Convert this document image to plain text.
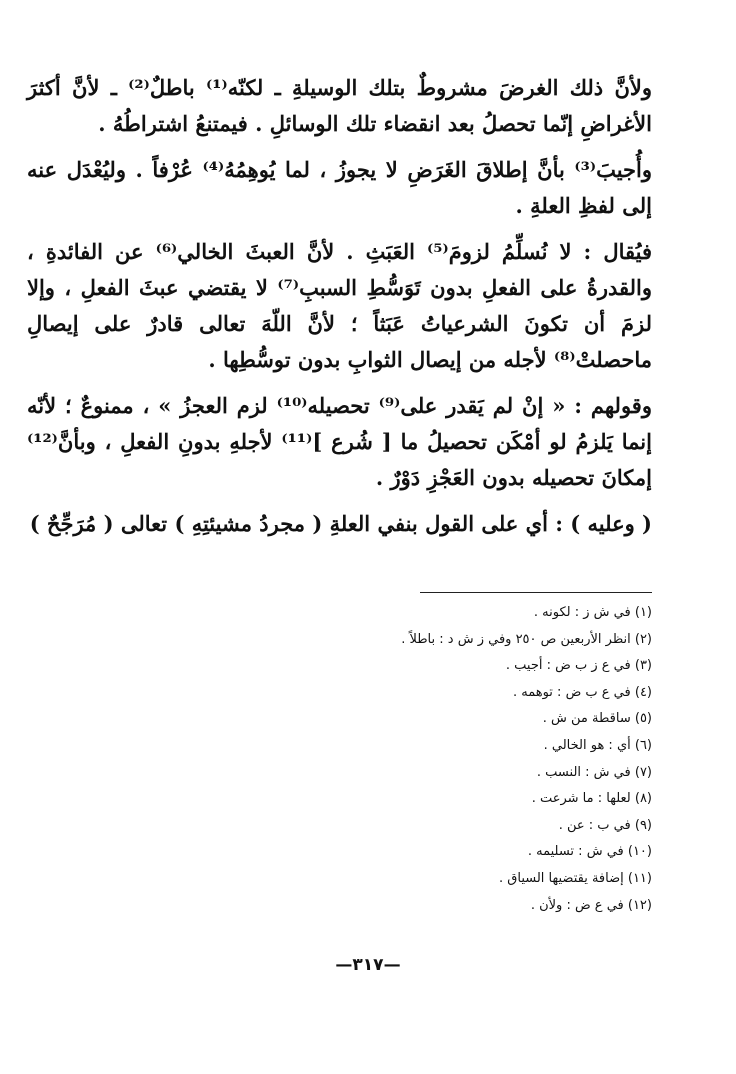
ولأنَّ ذلك الغرضَ مشروطٌ بتلك الوسيلةِ ـ لكنّه⁽¹⁾ باطلٌ⁽²⁾ ـ لأنَّ أكثرَ الأغراضِ إنّما تحصلُ بعد انقضاء تلك الوسائلِ . فيمتنعُ اشتراطُهُ .

وأُجيبَ⁽³⁾ بأنَّ إطلاقَ الغَرَضِ لا يجوزُ ، لما يُوهِمُهُ⁽⁴⁾ عُرْفاً . وليُعْدَل عنه إلى لفظِ العلةِ .

فيُقال : لا نُسلِّمُ لزومَ⁽⁵⁾ العَبَثِ . لأنَّ العبثَ الخالي⁽⁶⁾ عن الفائدةِ ، والقدرةُ على الفعلِ بدون تَوَسُّطِ السببِ⁽⁷⁾ لا يقتضي عبثَ الفعلِ ، وإلا لزمَ أن تكونَ الشرعياتُ عَبَثاً ؛ لأنَّ اللّهَ تعالى قادرٌ على إيصالِ ماحصلتْ⁽⁸⁾ لأجله من إيصال الثوابِ بدون توسُّطِها .

وقولهم : « إنْ لم يَقدر على⁽⁹⁾ تحصيله⁽¹⁰⁾ لزم العجزُ » ، ممنوعٌ ؛ لأنّه إنما يَلزمُ لو أمْكَن تحصيلُ ما [ شُرع ]⁽¹¹⁾ لأجلهِ بدونِ الفعلِ ، وبأنَّ⁽¹²⁾ إمكانَ تحصيله بدون العَجْزِ دَوْرٌ .

( وعليه ) : أي على القول بنفي العلةِ ( مجردُ مشيئتِهِ ) تعالى ( مُرَجِّحٌ )

(١) في ش ز : لكونه .
(٢) انظر الأربعين ص ٢٥٠ وفي ز ش د : باطلاً .
(٣) في ع ز ب ض : أجيب .
(٤) في ع ب ض : توهمه .
(٥) ساقطة من ش .
(٦) أي : هو الخالي .
(٧) في ش : النسب .
(٨) لعلها : ما شرعت .
(٩) في ب : عن .
(١٠) في ش : تسليمه .
(١١) إضافة يقتضيها السياق .
(١٢) في ع ض : ولأن .
—٣١٧—
